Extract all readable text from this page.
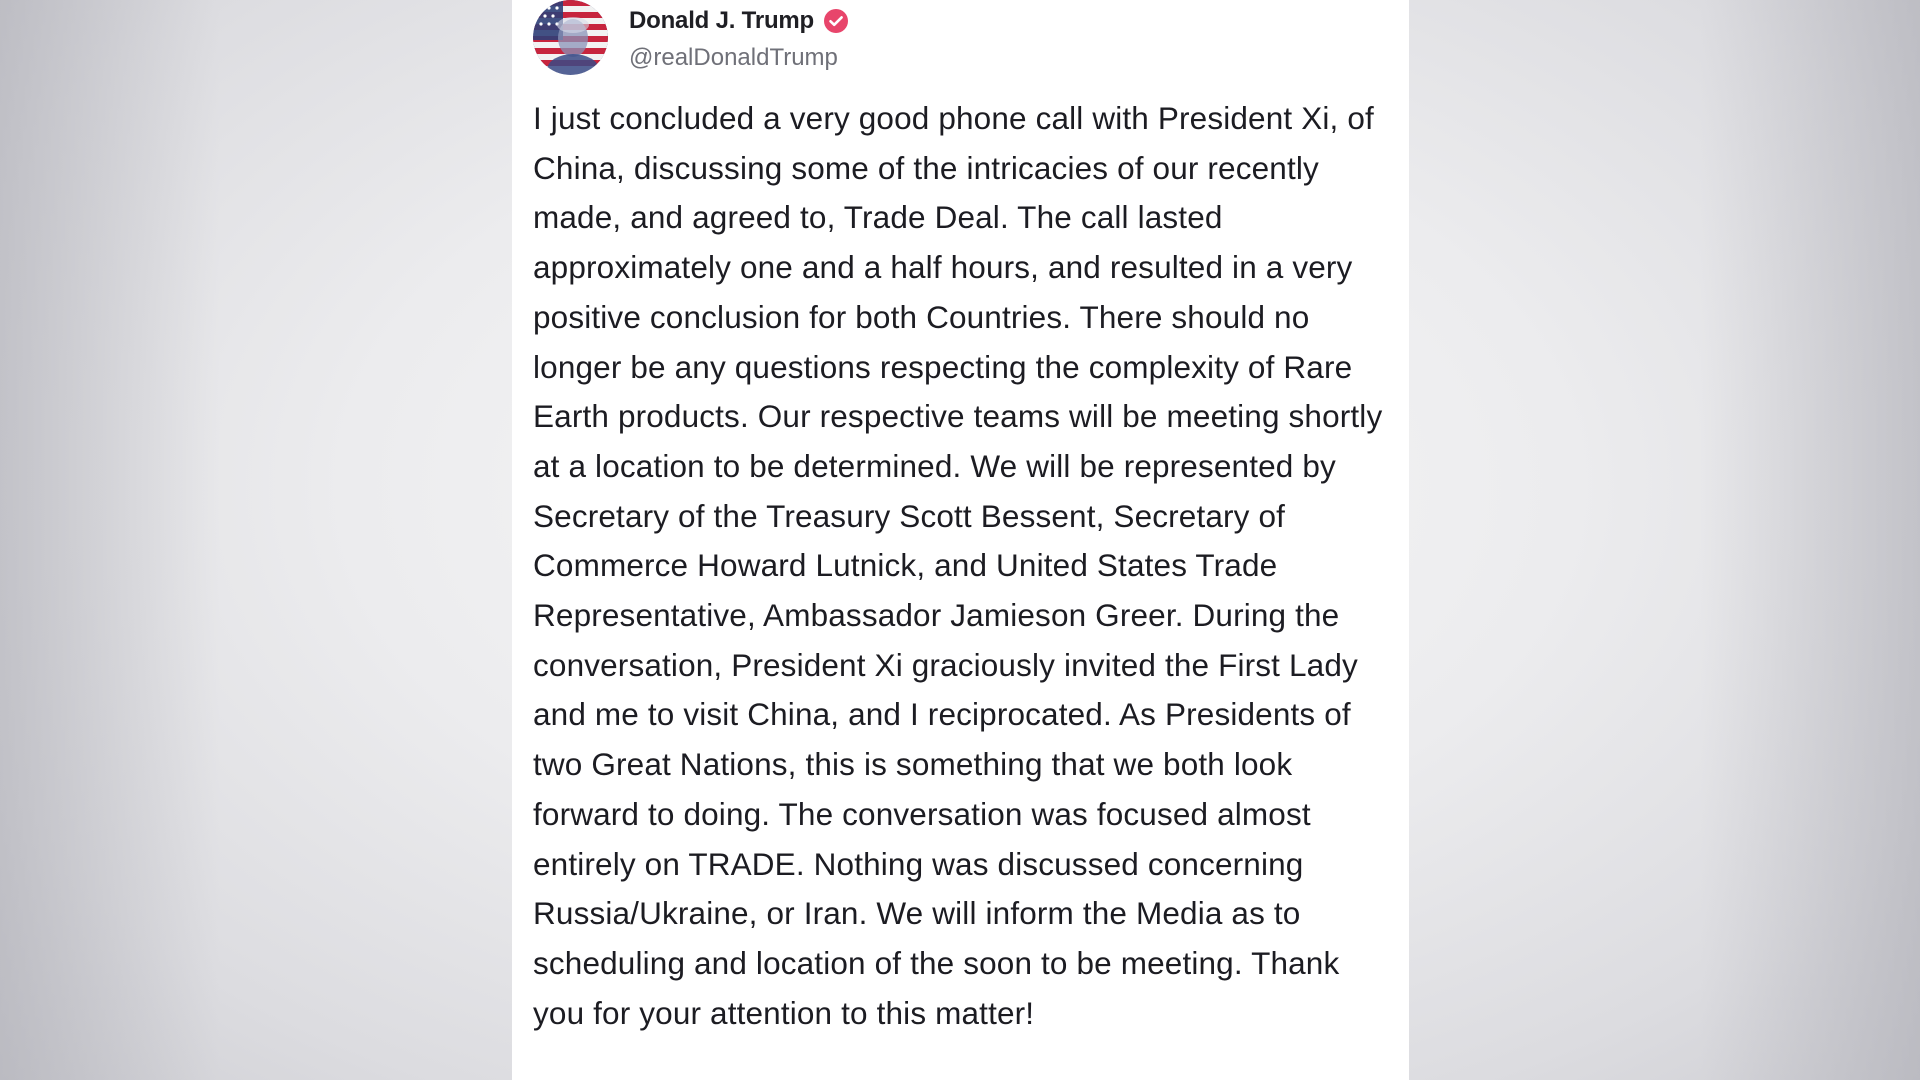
Donald J. Trump
@realDonaldTrump

I just concluded a very good phone call with President Xi, of China, discussing some of the intricacies of our recently made, and agreed to, Trade Deal. The call lasted approximately one and a half hours, and resulted in a very positive conclusion for both Countries. There should no longer be any questions respecting the complexity of Rare Earth products. Our respective teams will be meeting shortly at a location to be determined. We will be represented by Secretary of the Treasury Scott Bessent, Secretary of Commerce Howard Lutnick, and United States Trade Representative, Ambassador Jamieson Greer. During the conversation, President Xi graciously invited the First Lady and me to visit China, and I reciprocated. As Presidents of two Great Nations, this is something that we both look forward to doing. The conversation was focused almost entirely on TRADE. Nothing was discussed concerning Russia/Ukraine, or Iran. We will inform the Media as to scheduling and location of the soon to be meeting. Thank you for your attention to this matter!
